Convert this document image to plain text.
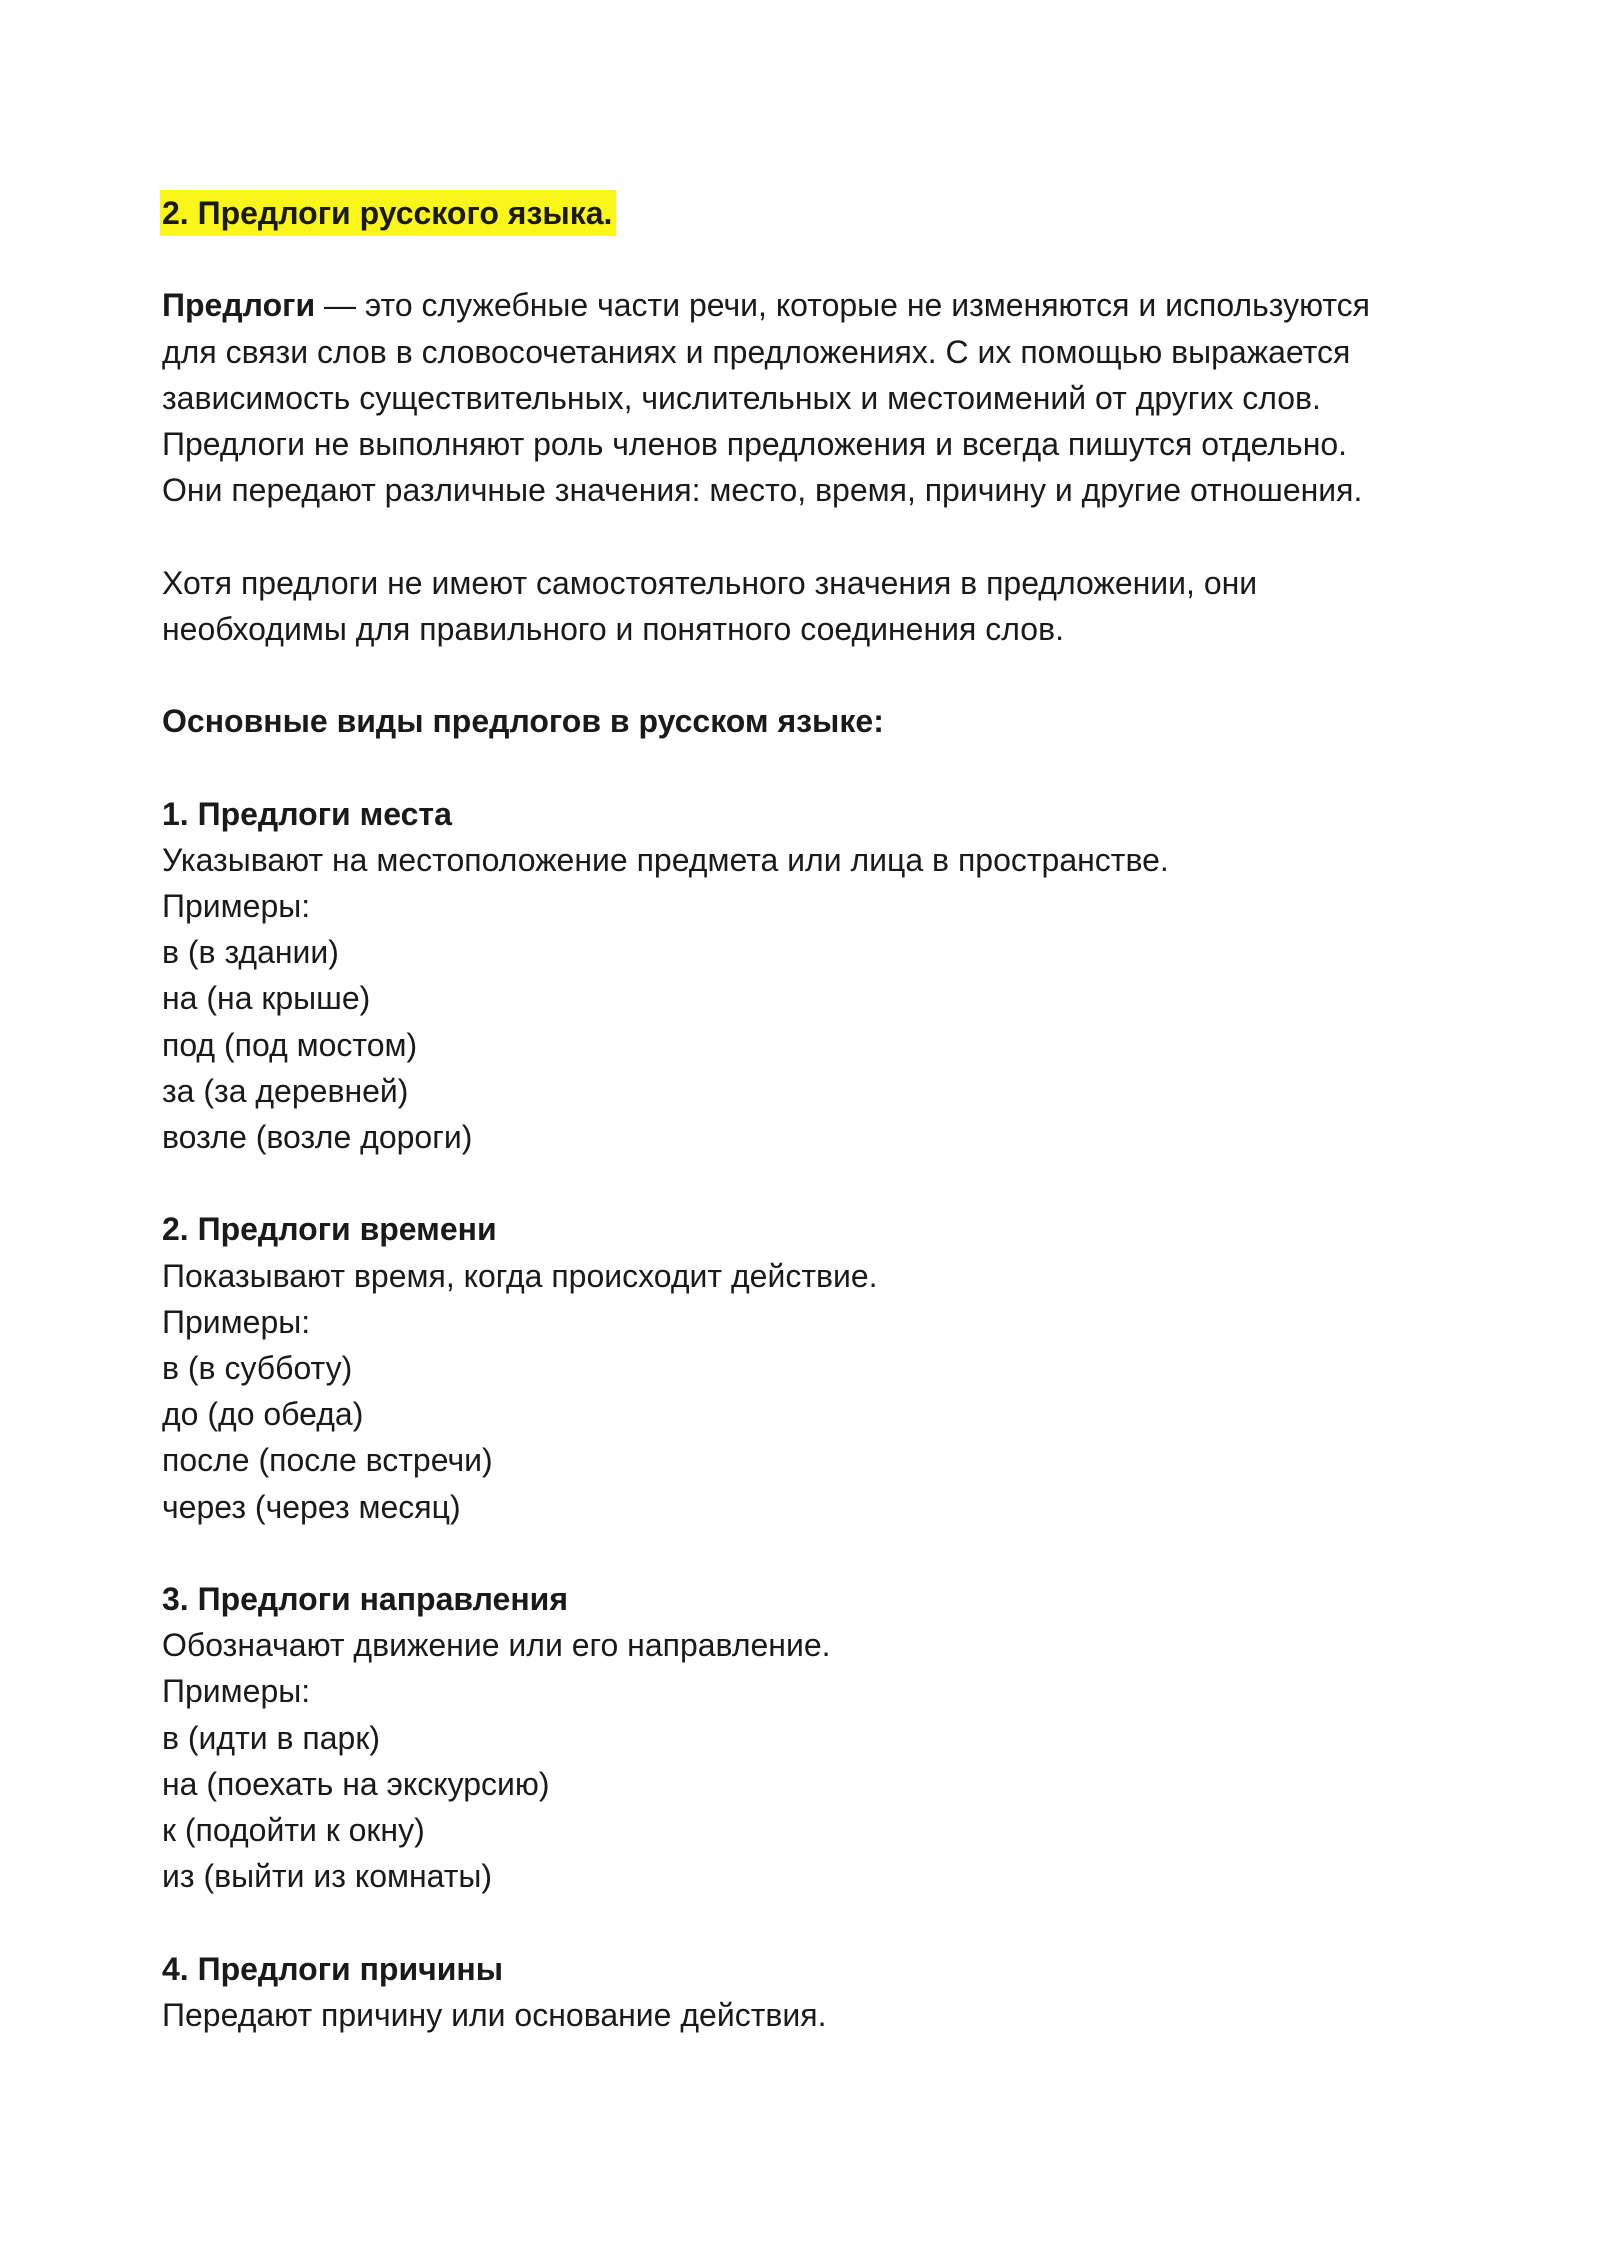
2. Предлоги русского языка.

Предлоги — это служебные части речи, которые не изменяются и используются

для связи слов в словосочетаниях и предложениях. С их помощью выражается

зависимость существительных, числительных и местоимений от других слов.

Предлоги не выполняют роль членов предложения и всегда пишутся отдельно.

Они передают различные значения: место, время, причину и другие отношения.

Хотя предлоги не имеют самостоятельного значения в предложении, они

необходимы для правильного и понятного соединения слов.

Основные виды предлогов в русском языке:

1. Предлоги места

Указывают на местоположение предмета или лица в пространстве.

Примеры:

в (в здании)

на (на крыше)

под (под мостом)

за (за деревней)

возле (возле дороги)

2. Предлоги времени

Показывают время, когда происходит действие.

Примеры:

в (в субботу)

до (до обеда)

после (после встречи)

через (через месяц)

3. Предлоги направления

Обозначают движение или его направление.

Примеры:

в (идти в парк)

на (поехать на экскурсию)

к (подойти к окну)

из (выйти из комнаты)

4. Предлоги причины

Передают причину или основание действия.
